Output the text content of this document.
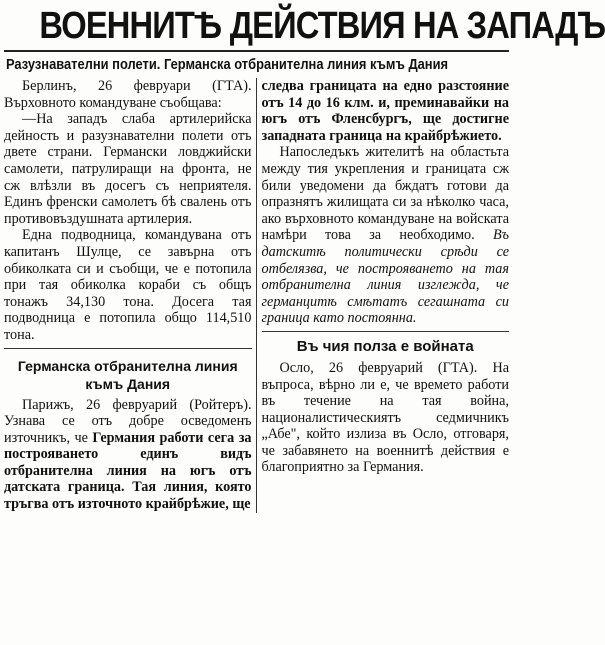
ВОЕННИТѢ ДЕЙСТВИЯ НА ЗАПАДЪ
Разузнавателни полети. Германска отбранителна линия къмъ Дания

Берлинъ, 26 февруари (ГТА). Върховното командуване съобщава:

—На западъ слаба артилерийска дейность и разузнавателни полети отъ двете страни. Германски ловджийски самолети, патрулиращи на фронта, не сж влѣзли въ досегъ съ неприятеля. Единъ френски самолетъ бѣ свалень отъ противовъздушната артилерия.

Една подводница, командувана отъ капитанъ Шулце, се завърна отъ обиколката си и съобщи, че е потопила при тая обиколка кораби съ общъ тонажъ 34,130 тона. Досега тая подводница е потопила общо 114,510 тона.

Германска отбранителна линия къмъ Дания

Парижъ, 26 февруарий (Ройтеръ). Узнава се отъ добре осведоменъ източникъ, че Германия работи сега за построяването единъ видъ отбранителна линия на югъ отъ датската граница. Тая линия, която тръгва отъ източното крайбрѣжие, ще

следва границата на едно разстояние отъ 14 до 16 клм. и, преминавайки на югъ отъ Фленсбургъ, ще достигне западната граница на крайбрѣжието.

Напоследъкъ жителитѣ на областьта между тия укрепления и границата сж били уведомени да бждатъ готови да опразнятъ жилищата си за нѣколко часа, ако върховното командуване на войската намѣри това за необходимо. Въ датскитѣ политически срѣди се отбелязва, че построяването на тая отбранителна линия изглежда, че германцитѣ смѣтатъ сегашната си граница като постоянна.

Въ чия полза е войната

Осло, 26 февруарий (ГТА). На въпроса, вѣрно ли е, че времето работи въ течение на тая война, националистическиятъ седмичникъ „Абе", който излиза въ Осло, отговаря, че забавянето на военнитѣ действия е благоприятно за Германия.
